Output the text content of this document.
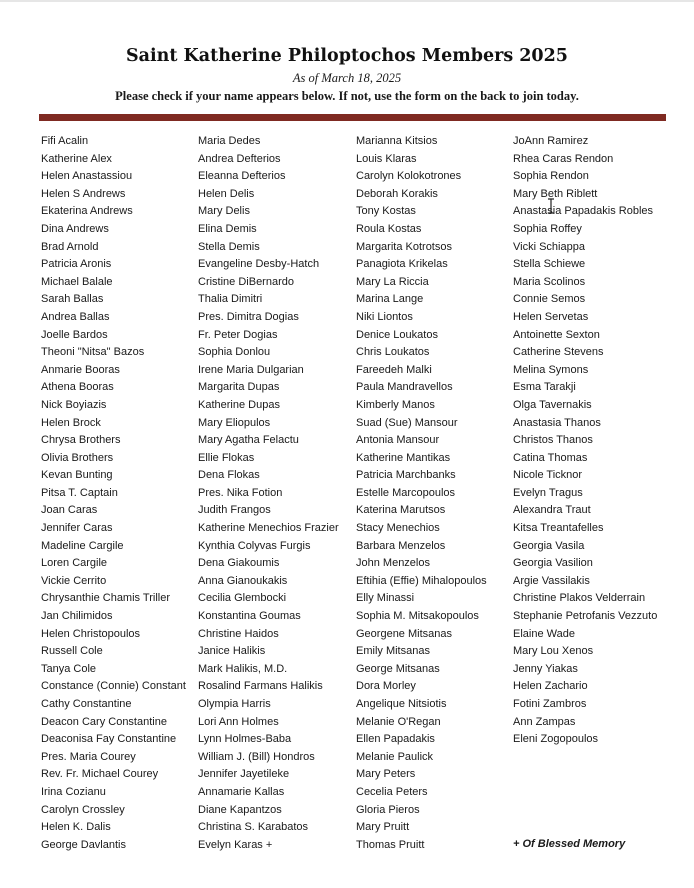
Saint Katherine Philoptochos Members 2025
As of March 18, 2025
Please check if your name appears below. If not, use the form on the back to join today.
Fifi Acalin
Katherine Alex
Helen Anastassiou
Helen S Andrews
Ekaterina Andrews
Dina Andrews
Brad Arnold
Patricia Aronis
Michael Balale
Sarah Ballas
Andrea Ballas
Joelle Bardos
Theoni "Nitsa" Bazos
Anmarie Booras
Athena Booras
Nick Boyiazis
Helen Brock
Chrysa Brothers
Olivia Brothers
Kevan Bunting
Pitsa T. Captain
Joan Caras
Jennifer Caras
Madeline Cargile
Loren Cargile
Vickie Cerrito
Chrysanthie Chamis Triller
Jan Chilimidos
Helen Christopoulos
Russell Cole
Tanya Cole
Constance (Connie) Constant
Cathy Constantine
Deacon Cary Constantine
Deaconisa Fay Constantine
Pres. Maria Courey
Rev. Fr. Michael Courey
Irina Cozianu
Carolyn Crossley
Helen K. Dalis
George Davlantis
Maria Dedes
Andrea Defterios
Eleanna Defterios
Helen Delis
Mary Delis
Elina Demis
Stella Demis
Evangeline Desby-Hatch
Cristine DiBernardo
Thalia Dimitri
Pres. Dimitra Dogias
Fr. Peter Dogias
Sophia Donlou
Irene Maria Dulgarian
Margarita Dupas
Katherine Dupas
Mary Eliopulos
Mary Agatha Felactu
Ellie Flokas
Dena Flokas
Pres. Nika Fotion
Judith Frangos
Katherine Menechios Frazier
Kynthia Colyvas Furgis
Dena Giakoumis
Anna Gianoukakis
Cecilia Glembocki
Konstantina Goumas
Christine Haidos
Janice Halikis
Mark Halikis, M.D.
Rosalind Farmans Halikis
Olympia Harris
Lori Ann Holmes
Lynn Holmes-Baba
William J. (Bill) Hondros
Jennifer Jayetileke
Annamarie Kallas
Diane Kapantzos
Christina S. Karabatos
Evelyn Karas +
Marianna Kitsios
Louis Klaras
Carolyn Kolokotrones
Deborah Korakis
Tony Kostas
Roula Kostas
Margarita Kotrotsos
Panagiota Krikelas
Mary La Riccia
Marina Lange
Niki Liontos
Denice Loukatos
Chris Loukatos
Fareedeh Malki
Paula Mandravellos
Kimberly Manos
Suad (Sue) Mansour
Antonia Mansour
Katherine Mantikas
Patricia Marchbanks
Estelle Marcopoulos
Katerina Marutsos
Stacy Menechios
Barbara Menzelos
John Menzelos
Eftihia (Effie) Mihalopoulos
Elly Minassi
Sophia M. Mitsakopoulos
Georgene Mitsanas
Emily Mitsanas
George Mitsanas
Dora Morley
Angelique Nitsiotis
Melanie O'Regan
Ellen Papadakis
Melanie Paulick
Mary Peters
Cecelia Peters
Gloria Pieros
Mary Pruitt
Thomas Pruitt
JoAnn Ramirez
Rhea Caras Rendon
Sophia Rendon
Mary Beth Riblett
Anastasia Papadakis Robles
Sophia Roffey
Vicki Schiappa
Stella Schiewe
Maria Scolinos
Connie Semos
Helen Servetas
Antoinette Sexton
Catherine Stevens
Melina Symons
Esma Tarakji
Olga Tavernakis
Anastasia Thanos
Christos Thanos
Catina Thomas
Nicole Ticknor
Evelyn Tragus
Alexandra Traut
Kitsa Treantafelles
Georgia Vasila
Georgia Vasilion
Argie Vassilakis
Christine Plakos Velderrain
Stephanie Petrofanis Vezzuto
Elaine Wade
Mary Lou Xenos
Jenny Yiakas
Helen Zachario
Fotini Zambros
Ann Zampas
Eleni Zogopoulos
+ Of Blessed Memory
